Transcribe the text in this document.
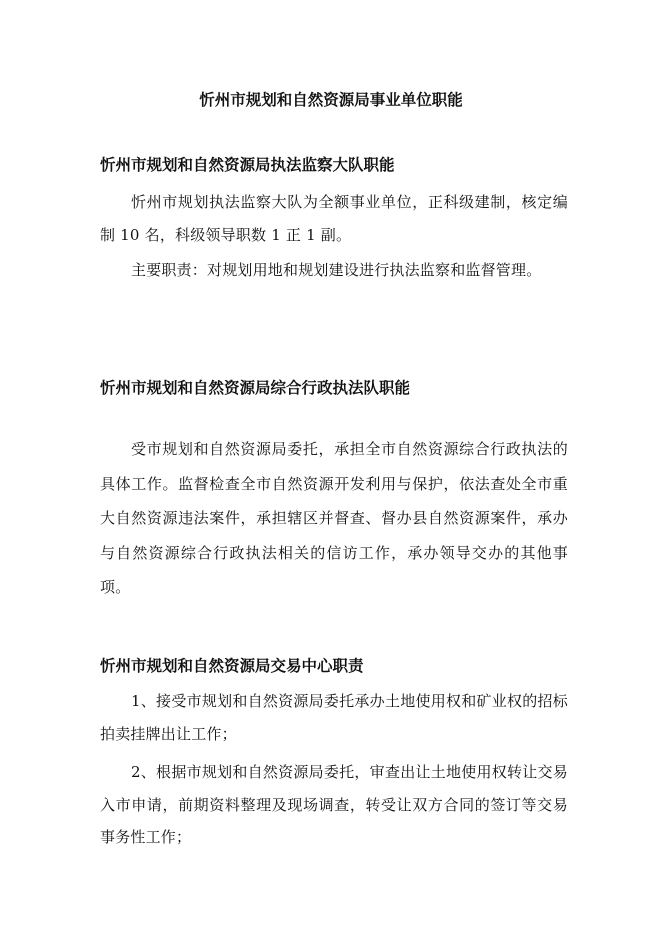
忻州市规划和自然资源局事业单位职能
忻州市规划和自然资源局执法监察大队职能

忻州市规划执法监察大队为全额事业单位，正科级建制，核定编制 10 名，科级领导职数 1 正 1 副。

主要职责：对规划用地和规划建设进行执法监察和监督管理。

忻州市规划和自然资源局综合行政执法队职能

受市规划和自然资源局委托，承担全市自然资源综合行政执法的具体工作。监督检查全市自然资源开发利用与保护，依法查处全市重大自然资源违法案件，承担辖区并督查、督办县自然资源案件，承办与自然资源综合行政执法相关的信访工作，承办领导交办的其他事项。

忻州市规划和自然资源局交易中心职责

1、接受市规划和自然资源局委托承办土地使用权和矿业权的招标拍卖挂牌出让工作；

2、根据市规划和自然资源局委托，审查出让土地使用权转让交易入市申请，前期资料整理及现场调查，转受让双方合同的签订等交易事务性工作；
